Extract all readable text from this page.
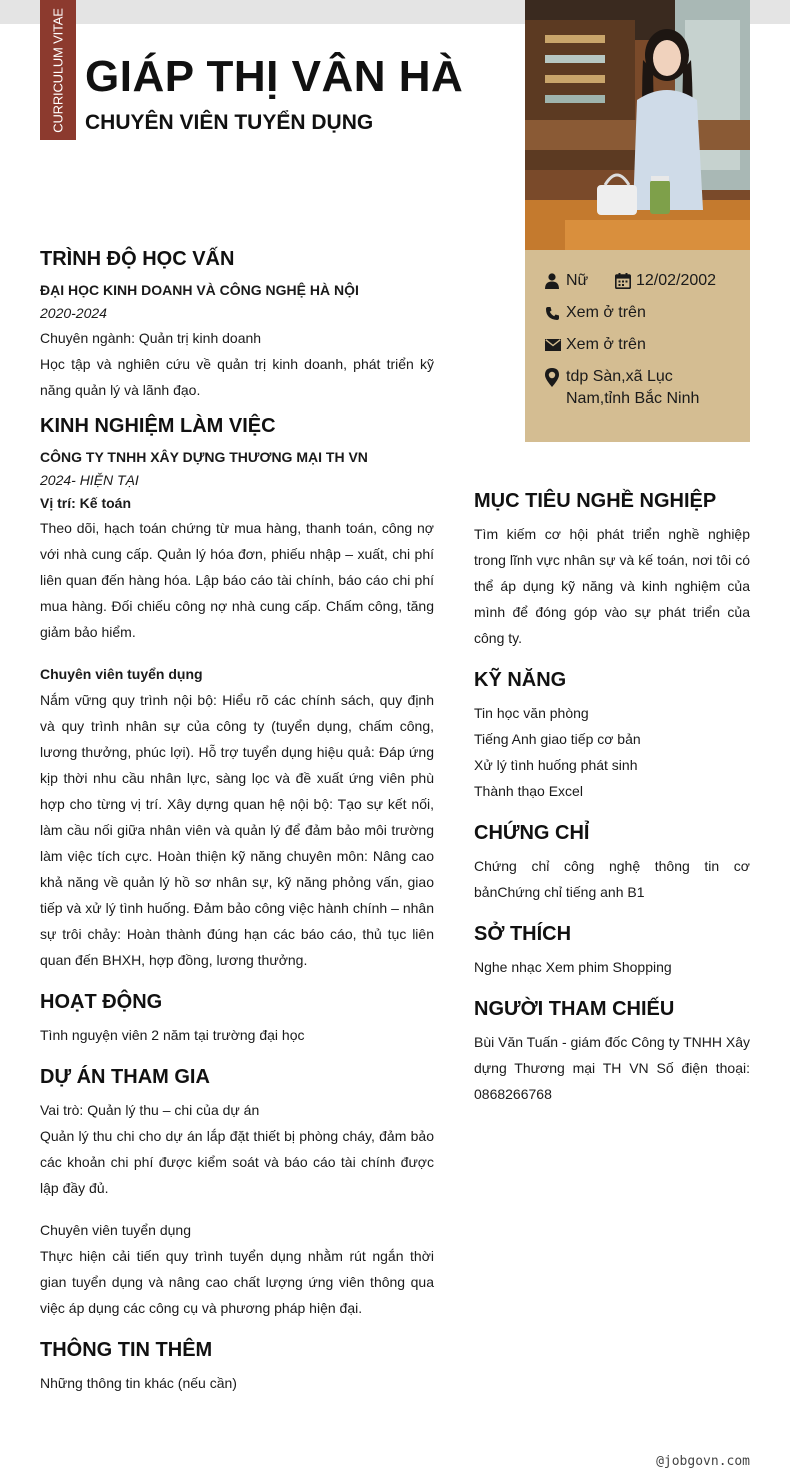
CURRICULUM VITAE GIÁP THỊ VÂN HÀ
CHUYÊN VIÊN TUYỂN DỤNG
Nữ	12/02/2002
Xem ở trên
Xem ở trên
tdp Sàn,xã Lục Nam,tỉnh Bắc Ninh
TRÌNH ĐỘ HỌC VẤN
ĐẠI HỌC KINH DOANH VÀ CÔNG NGHỆ HÀ NỘI
2020-2024
Chuyên ngành: Quản trị kinh doanh
Học tập và nghiên cứu về quản trị kinh doanh, phát triển kỹ năng quản lý và lãnh đạo.
KINH NGHIỆM LÀM VIỆC
CÔNG TY TNHH XÂY DỰNG THƯƠNG MẠI TH VN
2024- HIỆN TẠI
Vị trí: Kế toán
Theo dõi, hạch toán chứng từ mua hàng, thanh toán, công nợ với nhà cung cấp. Quản lý hóa đơn, phiếu nhập – xuất, chi phí liên quan đến hàng hóa. Lập báo cáo tài chính, báo cáo chi phí mua hàng. Đối chiếu công nợ nhà cung cấp. Chấm công, tăng giảm bảo hiểm.
Chuyên viên tuyển dụng
Nắm vững quy trình nội bộ: Hiểu rõ các chính sách, quy định và quy trình nhân sự của công ty (tuyển dụng, chấm công, lương thưởng, phúc lợi). Hỗ trợ tuyển dụng hiệu quả: Đáp ứng kịp thời nhu cầu nhân lực, sàng lọc và đề xuất ứng viên phù hợp cho từng vị trí. Xây dựng quan hệ nội bộ: Tạo sự kết nối, làm cầu nối giữa nhân viên và quản lý để đảm bảo môi trường làm việc tích cực. Hoàn thiện kỹ năng chuyên môn: Nâng cao khả năng về quản lý hồ sơ nhân sự, kỹ năng phỏng vấn, giao tiếp và xử lý tình huống. Đảm bảo công việc hành chính – nhân sự trôi chảy: Hoàn thành đúng hạn các báo cáo, thủ tục liên quan đến BHXH, hợp đồng, lương thưởng.
HOẠT ĐỘNG
Tình nguyện viên 2 năm tại trường đại học
DỰ ÁN THAM GIA
Vai trò: Quản lý thu – chi của dự án
Quản lý thu chi cho dự án lắp đặt thiết bị phòng cháy, đảm bảo các khoản chi phí được kiểm soát và báo cáo tài chính được lập đầy đủ.
Chuyên viên tuyển dụng
Thực hiện cải tiến quy trình tuyển dụng nhằm rút ngắn thời gian tuyển dụng và nâng cao chất lượng ứng viên thông qua việc áp dụng các công cụ và phương pháp hiện đại.
THÔNG TIN THÊM
Những thông tin khác (nếu cần)
MỤC TIÊU NGHỀ NGHIỆP
Tìm kiếm cơ hội phát triển nghề nghiệp trong lĩnh vực nhân sự và kế toán, nơi tôi có thể áp dụng kỹ năng và kinh nghiệm của mình để đóng góp vào sự phát triển của công ty.
KỸ NĂNG
Tin học văn phòng
Tiếng Anh giao tiếp cơ bản
Xử lý tình huống phát sinh
Thành thạo Excel
CHỨNG CHỈ
Chứng chỉ công nghệ thông tin cơ bảnChứng chỉ tiếng anh B1
SỞ THÍCH
Nghe nhạc Xem phim Shopping
NGƯỜI THAM CHIẾU
Bùi Văn Tuấn - giám đốc Công ty TNHH Xây dựng Thương mại TH VN Số điện thoại: 0868266768
@jobgovn.com
